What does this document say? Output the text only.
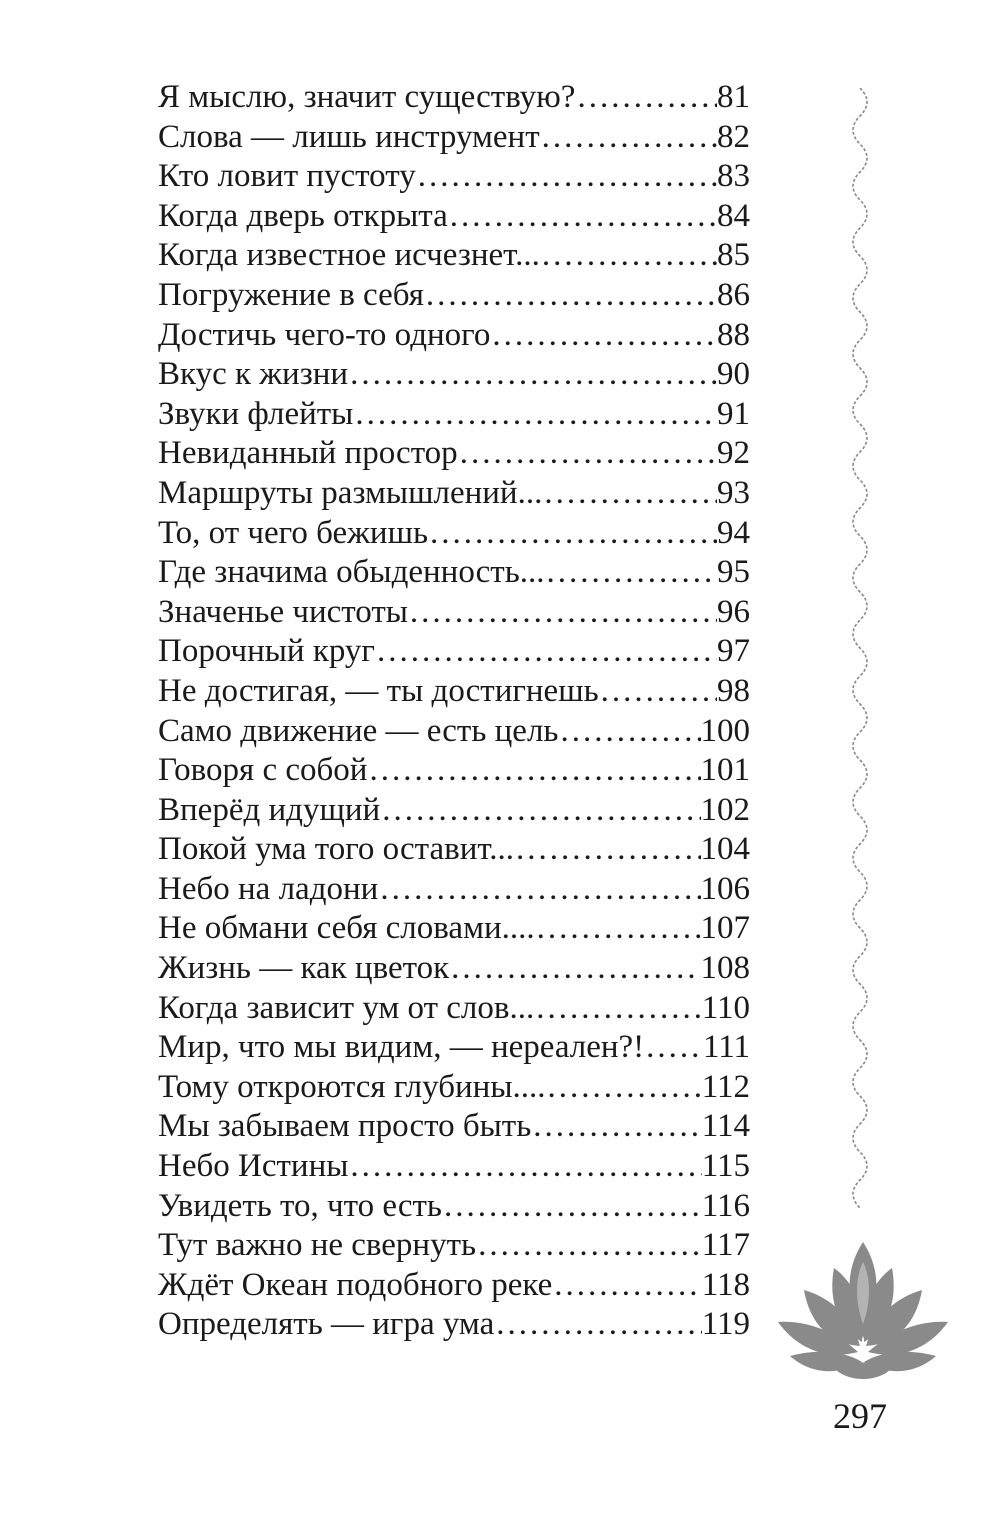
Я мыслю, значит существую? .....	81
Слова — лишь инструмент .....	82
Кто ловит пустоту .....	83
Когда дверь открыта .....	84
Когда известное исчезнет... .....	85
Погружение в себя .....	86
Достичь чего-то одного .....	88
Вкус к жизни .....	90
Звуки флейты .....	91
Невиданный простор .....	92
Маршруты размышлений... .....	93
То, от чего бежишь .....	94
Где значима обыденность... .....	95
Значенье чистоты .....	96
Порочный круг .....	97
Не достигая, — ты достигнешь .....	98
Само движение — есть цель .....	100
Говоря с собой .....	101
Вперёд идущий .....	102
Покой ума того оставит... .....	104
Небо на ладони .....	106
Не обмани себя словами.... .....	107
Жизнь — как цветок .....	108
Когда зависит ум от слов... .....	110
Мир, что мы видим, — нереален?! ..... 111
Тому откроются глубины.... .....	112
Мы забываем просто быть .....	114
Небо Истины .....	115
Увидеть то, что есть .....	116
Тут важно не свернуть .....	117
Ждёт Океан подобного реке .....	118
Определять — игра ума .....	119
297
